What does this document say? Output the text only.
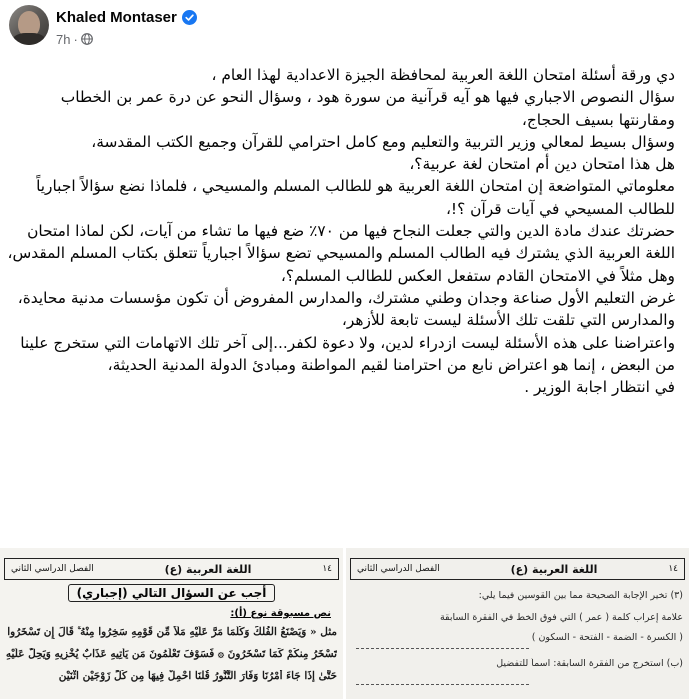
Khaled Montaser
7h ·

دي ورقة أسئلة امتحان اللغة العربية لمحافظة الجيزة الاعدادية لهذا العام ،

سؤال النصوص الاجباري فيها هو آيه قرآنية من سورة هود ، وسؤال النحو عن درة عمر بن الخطاب ومقارنتها بسيف الحجاج،

وسؤال بسيط لمعالي وزير التربية والتعليم ومع كامل احترامي للقرآن وجميع الكتب المقدسة،

هل هذا امتحان دين أم امتحان لغة عربية؟،

معلوماتي المتواضعة إن امتحان اللغة العربية هو للطالب المسلم والمسيحي ، فلماذا نضع سؤالاً اجبارياً للطالب المسيحي في آيات قرآن ؟!،

حضرتك عندك مادة الدين والتي جعلت النجاح فيها من ٧٠٪ ضع فيها ما تشاء من آيات، لكن لماذا امتحان اللغة العربية الذي يشترك فيه الطالب المسلم والمسيحي تضع سؤالاً اجبارياً تتعلق بكتاب المسلم المقدس،

وهل مثلاً في الامتحان القادم ستفعل العكس للطالب المسلم؟،

غرض التعليم الأول صناعة وجدان وطني مشترك، والمدارس المفروض أن تكون مؤسسات مدنية محايدة،

والمدارس التي تلقت تلك الأسئلة ليست تابعة للأزهر،

واعتراضنا على هذه الأسئلة ليست ازدراء لدين، ولا دعوة لكفر...إلى آخر تلك الاتهامات التي ستخرج علينا من البعض ، إنما هو اعتراض نابع من احترامنا لقيم المواطنة ومبادئ الدولة المدنية الحديثة،

في انتظار اجابة الوزير .

١٤
اللغة العربية (ع)
الفصل الدراسي الثاني
أجب عن السؤال التالي (إجباري)
نص مسبوقة نوع (أ):
مثل « وَيَصْنَعُ الْفُلْكَ وَكُلَّمَا مَرَّ عَلَيْهِ مَلَأٌ مِّن قَوْمِهِ سَخِرُوا مِنْهُ ۚ قَالَ إِن تَسْخَرُوا
تَسْخَرُ مِنكُمْ كَمَا تَسْخَرُونَ ۞ فَسَوْفَ تَعْلَمُونَ مَن يَأْتِيهِ عَذَابٌ يُخْزِيهِ وَيَحِلُّ عَلَيْهِ
حَتَّىٰ إِذَا جَاءَ أَمْرُنَا وَفَارَ التَّنُّورُ قُلْنَا احْمِلْ فِيهَا مِن كُلٍّ زَوْجَيْنِ اثْنَيْنِ
١٤
اللغة العربية (ع)
الفصل الدراسي الثاني
(٣) تخير الإجابة الصحيحة مما بين القوسين فيما يلي:
علامة إعراب كلمة ( عمر ) التي فوق الخط في الفقرة السابقة
( الكسرة - الضمة - الفتحة - السكون )
(ب) استخرج من الفقرة السابقة: اسماً للتفضيل
